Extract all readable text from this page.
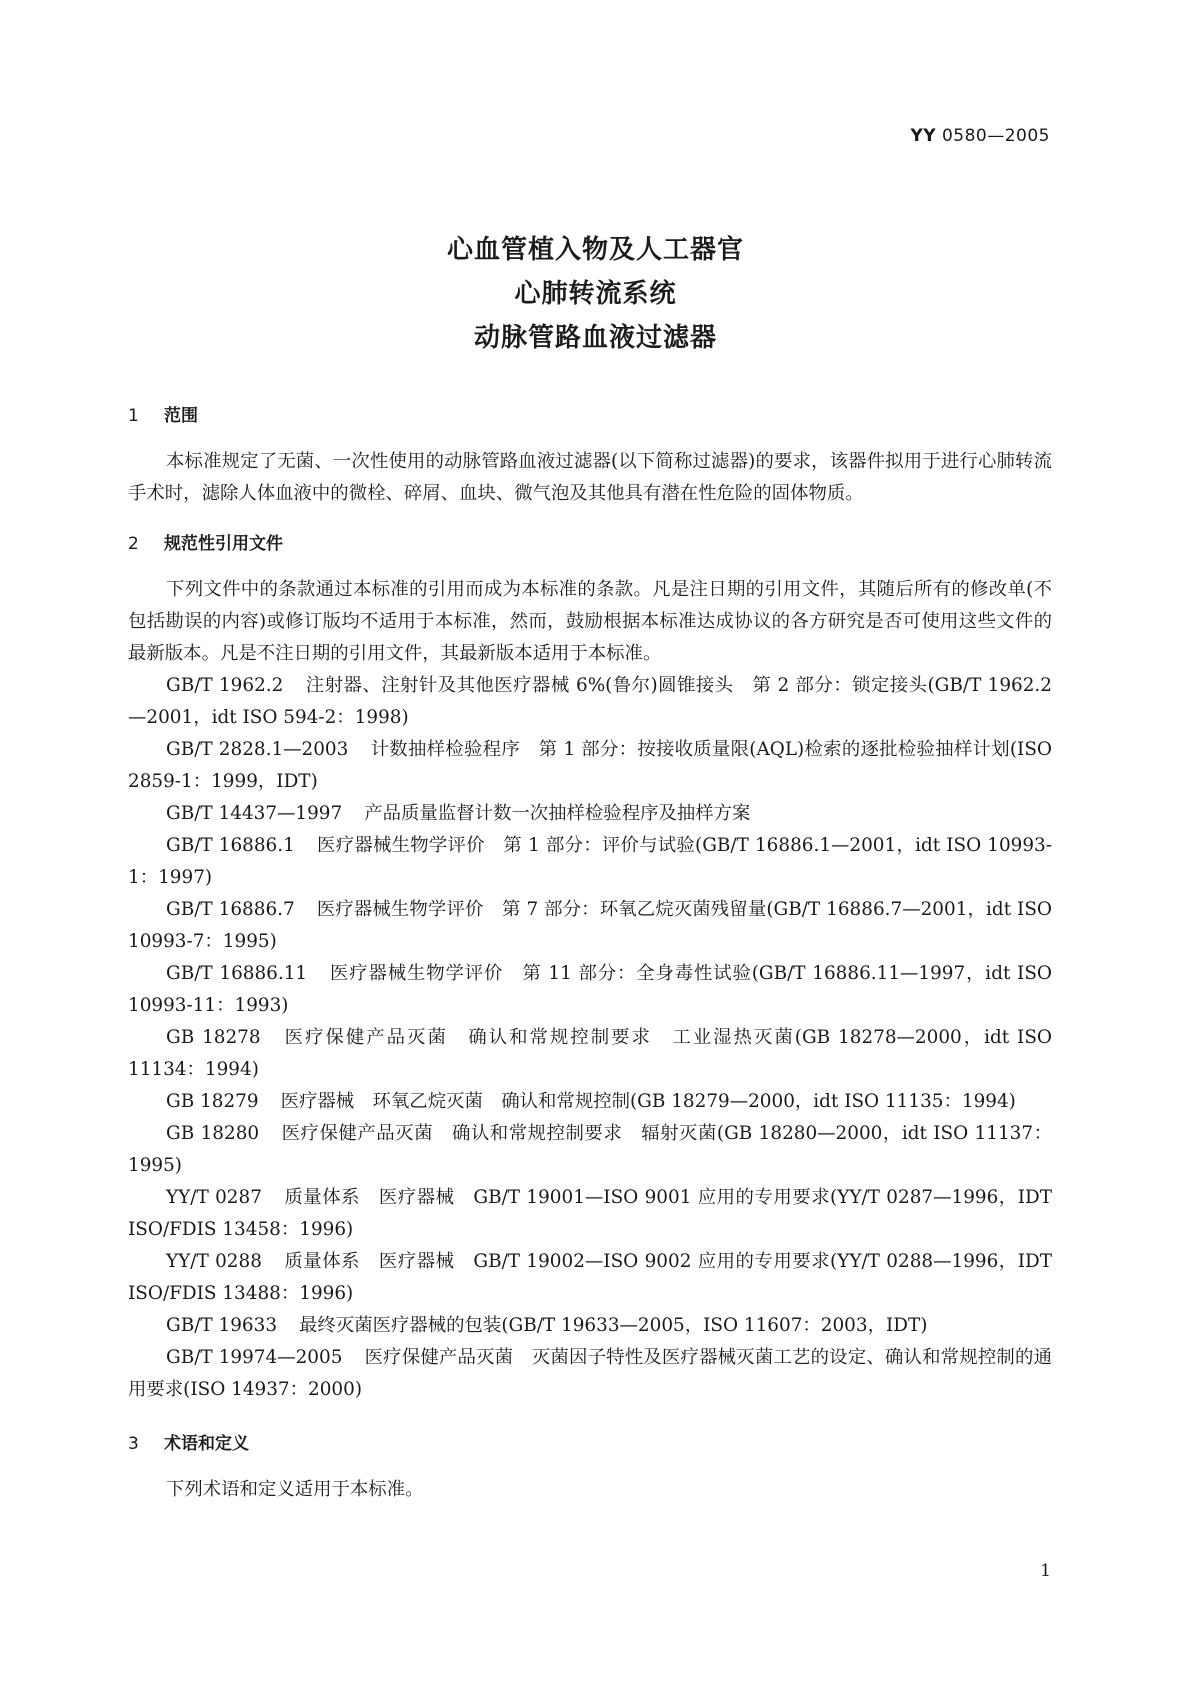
YY 0580—2005
心血管植入物及人工器官
心肺转流系统
动脉管路血液过滤器
1 范围
本标准规定了无菌、一次性使用的动脉管路血液过滤器(以下简称过滤器)的要求，该器件拟用于进行心肺转流手术时，滤除人体血液中的微栓、碎屑、血块、微气泡及其他具有潜在性危险的固体物质。
2 规范性引用文件
下列文件中的条款通过本标准的引用而成为本标准的条款。凡是注日期的引用文件，其随后所有的修改单(不包括勘误的内容)或修订版均不适用于本标准，然而，鼓励根据本标准达成协议的各方研究是否可使用这些文件的最新版本。凡是不注日期的引用文件，其最新版本适用于本标准。
GB/T 1962.2 注射器、注射针及其他医疗器械 6%(鲁尔)圆锥接头　第 2 部分：锁定接头(GB/T 1962.2—2001，idt ISO 594-2：1998)
GB/T 2828.1—2003 计数抽样检验程序　第 1 部分：按接收质量限(AQL)检索的逐批检验抽样计划(ISO 2859-1：1999，IDT)
GB/T 14437—1997 产品质量监督计数一次抽样检验程序及抽样方案
GB/T 16886.1 医疗器械生物学评价　第 1 部分：评价与试验(GB/T 16886.1—2001，idt ISO 10993-1：1997)
GB/T 16886.7 医疗器械生物学评价　第 7 部分：环氧乙烷灭菌残留量(GB/T 16886.7—2001，idt ISO 10993-7：1995)
GB/T 16886.11 医疗器械生物学评价　第 11 部分：全身毒性试验(GB/T 16886.11—1997，idt ISO 10993-11：1993)
GB 18278 医疗保健产品灭菌　确认和常规控制要求　工业湿热灭菌(GB 18278—2000，idt ISO 11134：1994)
GB 18279 医疗器械　环氧乙烷灭菌　确认和常规控制(GB 18279—2000，idt ISO 11135：1994)
GB 18280 医疗保健产品灭菌　确认和常规控制要求　辐射灭菌(GB 18280—2000，idt ISO 11137：1995)
YY/T 0287 质量体系　医疗器械　GB/T 19001—ISO 9001 应用的专用要求(YY/T 0287—1996，IDT ISO/FDIS 13458：1996)
YY/T 0288 质量体系　医疗器械　GB/T 19002—ISO 9002 应用的专用要求(YY/T 0288—1996，IDT ISO/FDIS 13488：1996)
GB/T 19633 最终灭菌医疗器械的包装(GB/T 19633—2005，ISO 11607：2003，IDT)
GB/T 19974—2005 医疗保健产品灭菌　灭菌因子特性及医疗器械灭菌工艺的设定、确认和常规控制的通用要求(ISO 14937：2000)
3 术语和定义
下列术语和定义适用于本标准。
1
